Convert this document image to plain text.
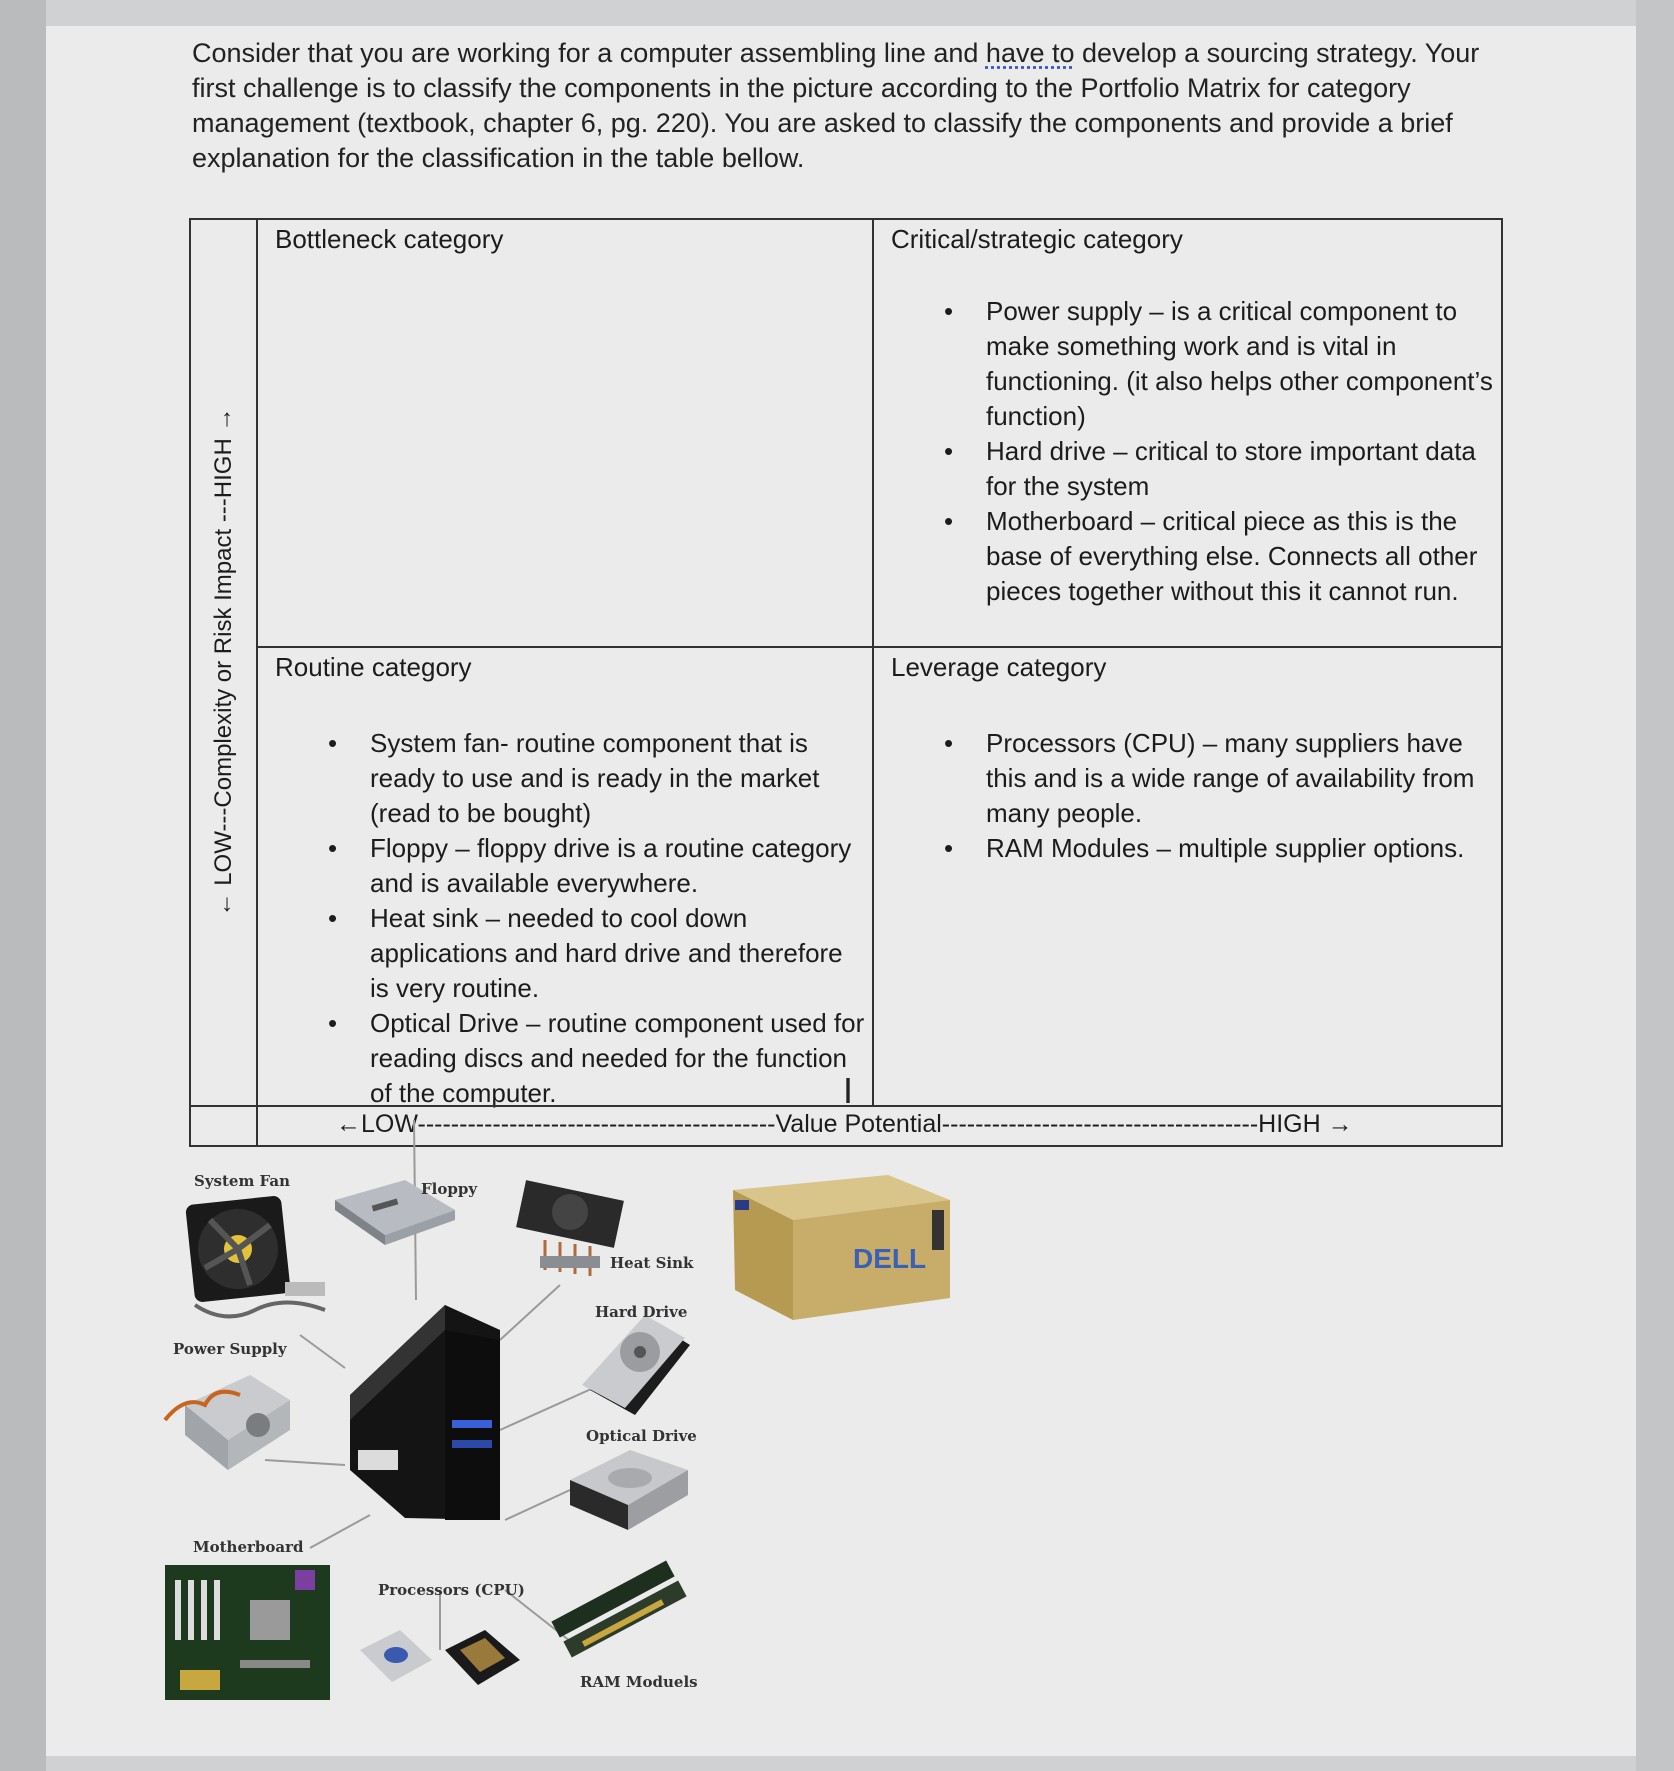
Consider that you are working for a computer assembling line and have to develop a sourcing strategy. Your first challenge is to classify the components in the picture according to the Portfolio Matrix for category management (textbook, chapter 6, pg. 220). You are asked to classify the components and provide a brief explanation for the classification in the table bellow.
← LOW---Complexity or Risk Impact ---HIGH →
Bottleneck category	Critical/strategic category
• Power supply – is a critical component to make something work and is vital in functioning. (it also helps other component’s function)
• Hard drive – critical to store important data for the system
• Motherboard – critical piece as this is the base of everything else. Connects all other pieces together without this it cannot run.
Routine category
• System fan- routine component that is ready to use and is ready in the market (read to be bought)
• Floppy – floppy drive is a routine category and is available everywhere.
• Heat sink – needed to cool down applications and hard drive and therefore is very routine.
• Optical Drive – routine component used for reading discs and needed for the function of the computer.
Leverage category
• Processors (CPU) – many suppliers have this and is a wide range of availability from many people.
• RAM Modules – multiple supplier options.
←LOW-------------------------------------------Value Potential--------------------------------------HIGH →
I
DELL
System Fan	Floppy
Heat Sink
Hard Drive
Optical Drive
Power Supply
Motherboard
Processors (CPU)
RAM Moduels
